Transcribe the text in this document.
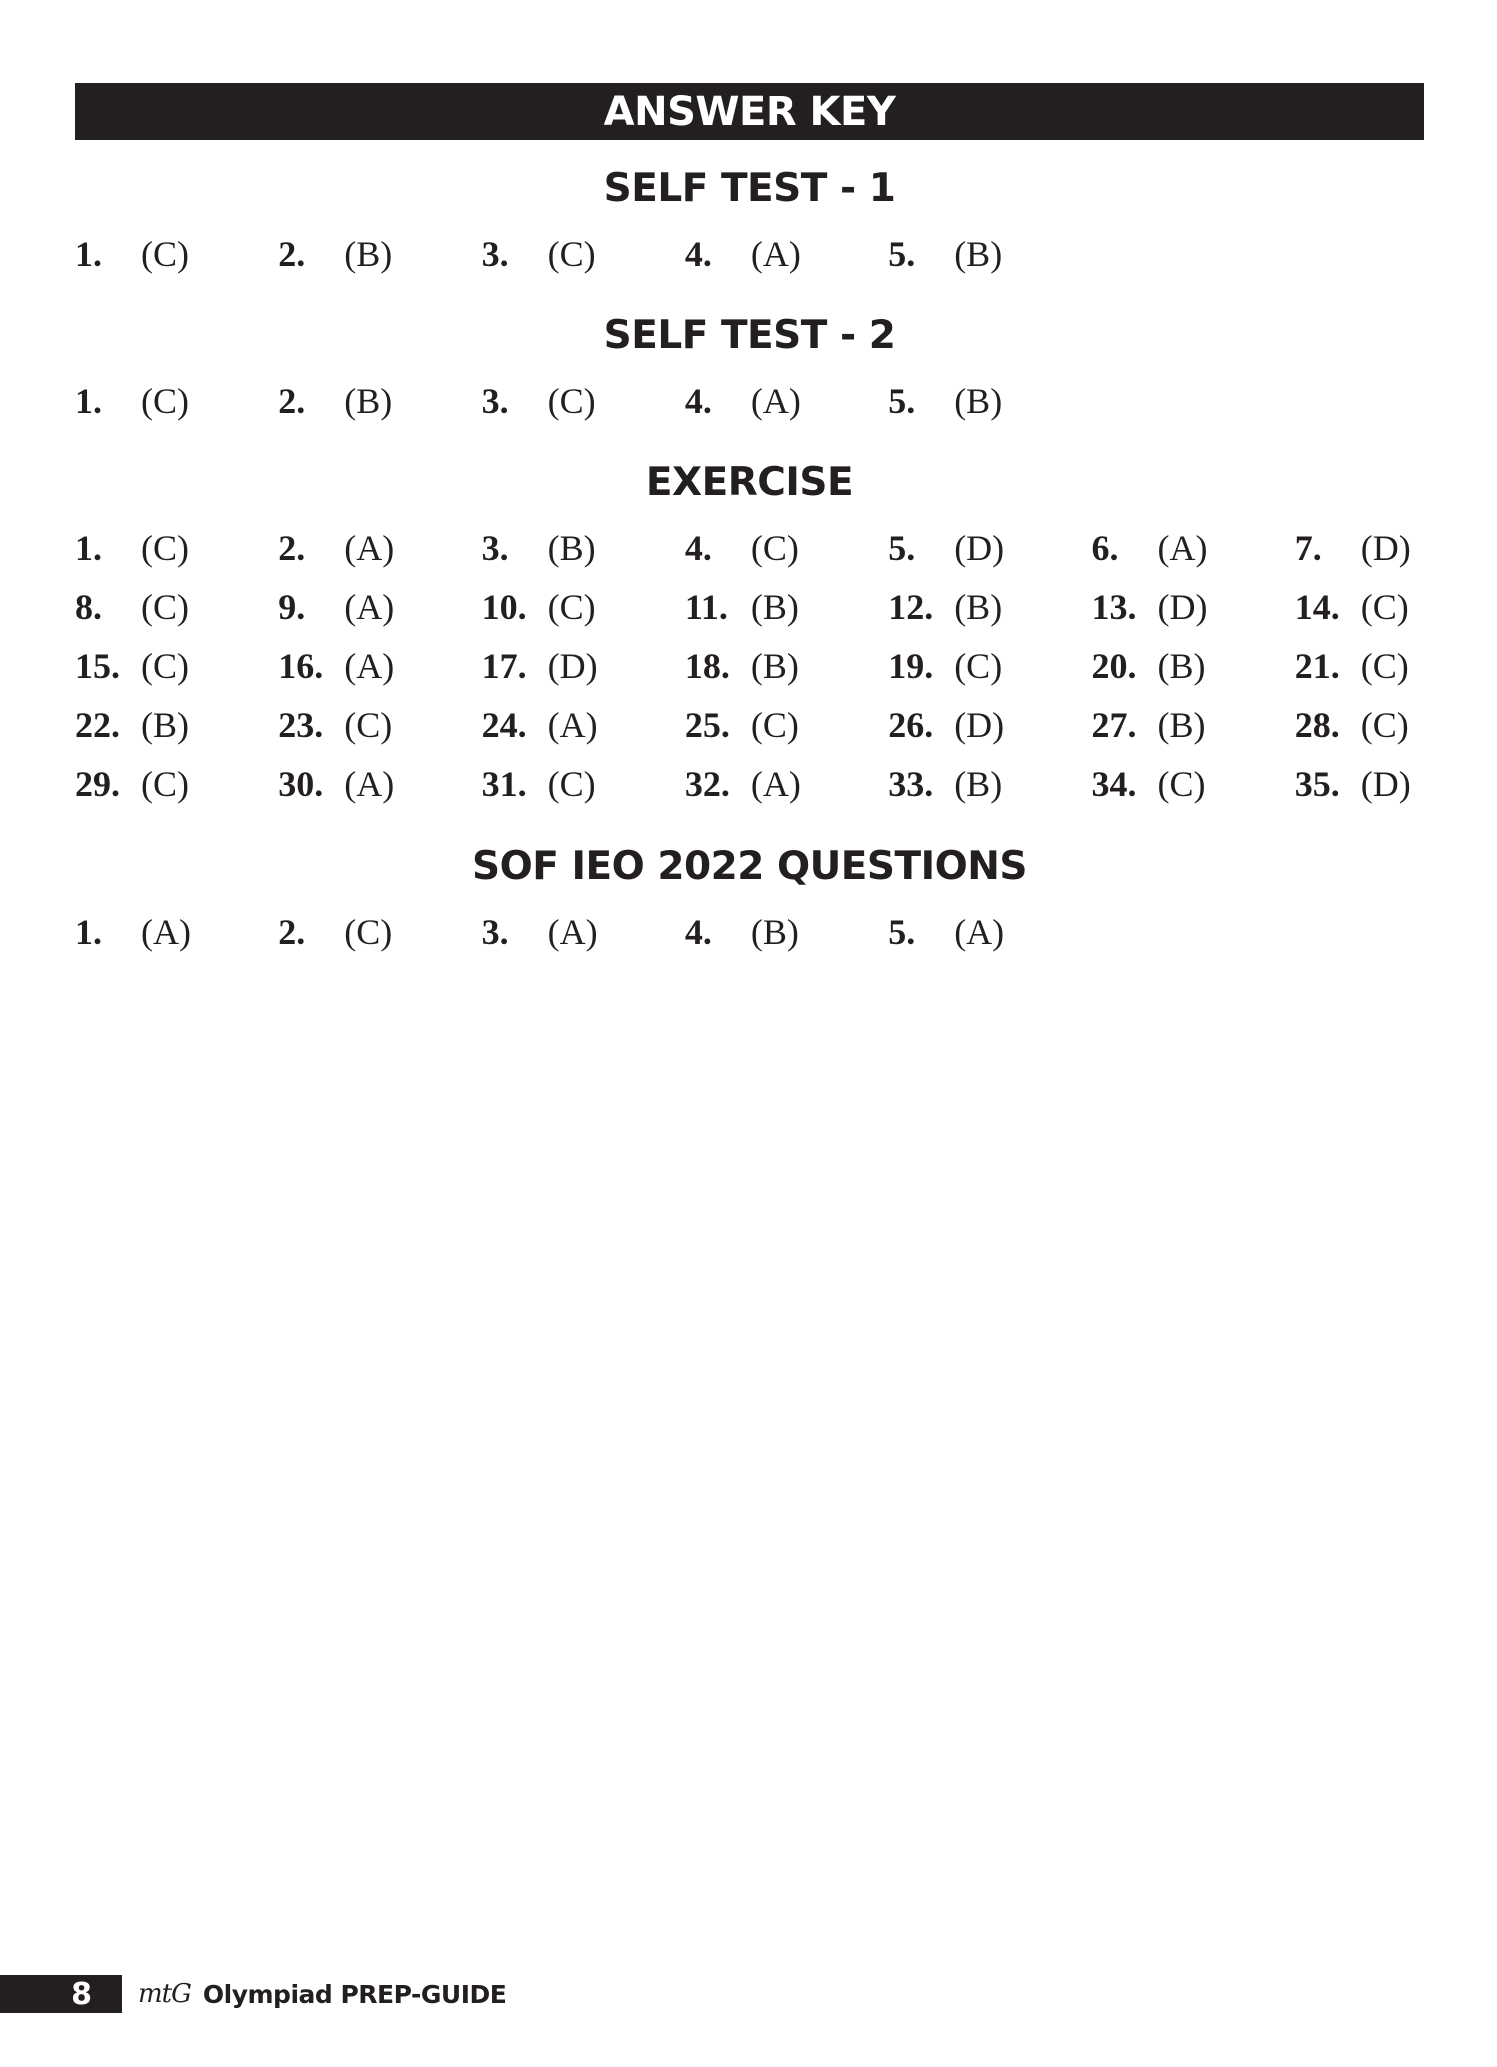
ANSWER KEY
SELF TEST - 1
1.	(C) 2.	(B) 3.	(C) 4.	(A) 5.	(B)
SELF TEST - 2
1.	(C) 2.	(B) 3.	(C) 4.	(A) 5.	(B)
EXERCISE
1.	(C) 2.	(A) 3.	(B) 4.	(C) 5.	(D) 6.	(A) 7.	(D)
8.	(C) 9.	(A) 10. (C) 11. (B) 12. (B) 13. (D) 14. (C)
15. (C) 16. (A) 17. (D) 18. (B) 19. (C) 20. (B) 21. (C)
22. (B) 23. (C) 24. (A) 25. (C) 26. (D) 27. (B) 28. (C)
29. (C) 30. (A) 31. (C) 32. (A) 33. (B) 34. (C) 35. (D)
SOF IEO 2022 QUESTIONS
1.	(A) 2.	(C) 3.	(A) 4.	(B) 5.	(A)
8	mtG Olympiad PREP-GUIDE
